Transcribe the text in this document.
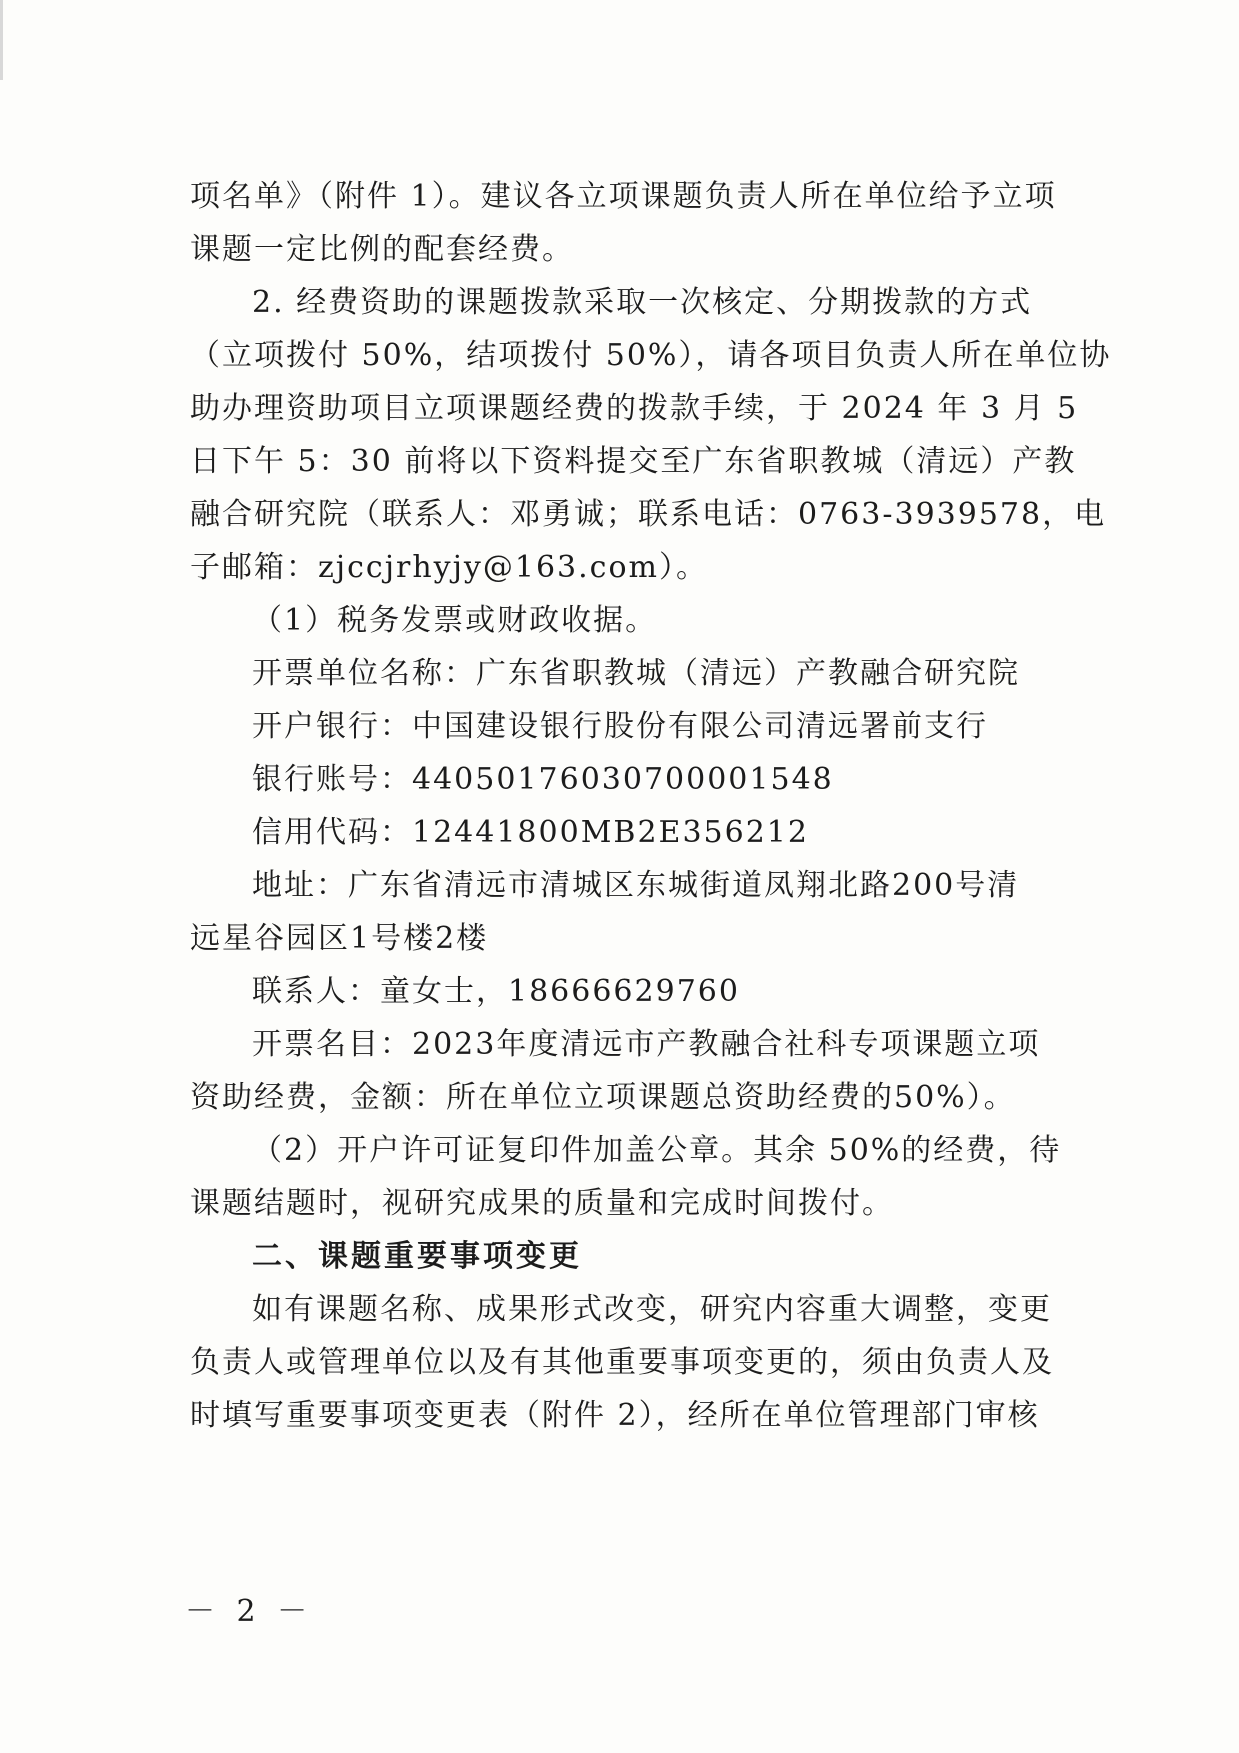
项名单》（附件 1）。建议各立项课题负责人所在单位给予立项
课题一定比例的配套经费。
2. 经费资助的课题拨款采取一次核定、分期拨款的方式
（立项拨付 50%，结项拨付 50%），请各项目负责人所在单位协
助办理资助项目立项课题经费的拨款手续，于 2024 年 3 月 5
日下午 5：30 前将以下资料提交至广东省职教城（清远）产教
融合研究院（联系人：邓勇诚；联系电话：0763-3939578，电
子邮箱：zjccjrhyjy@163.com）。
（1）税务发票或财政收据。
开票单位名称：广东省职教城（清远）产教融合研究院
开户银行：中国建设银行股份有限公司清远署前支行
银行账号：44050176030700001548
信用代码：12441800MB2E356212
地址：广东省清远市清城区东城街道凤翔北路200号清
远星谷园区1号楼2楼
联系人：童女士，18666629760
开票名目：2023年度清远市产教融合社科专项课题立项
资助经费，金额：所在单位立项课题总资助经费的50%）。
（2）开户许可证复印件加盖公章。其余 50%的经费，待
课题结题时，视研究成果的质量和完成时间拨付。
二、课题重要事项变更
如有课题名称、成果形式改变，研究内容重大调整，变更
负责人或管理单位以及有其他重要事项变更的，须由负责人及
时填写重要事项变更表（附件 2），经所在单位管理部门审核
－ 2 －
